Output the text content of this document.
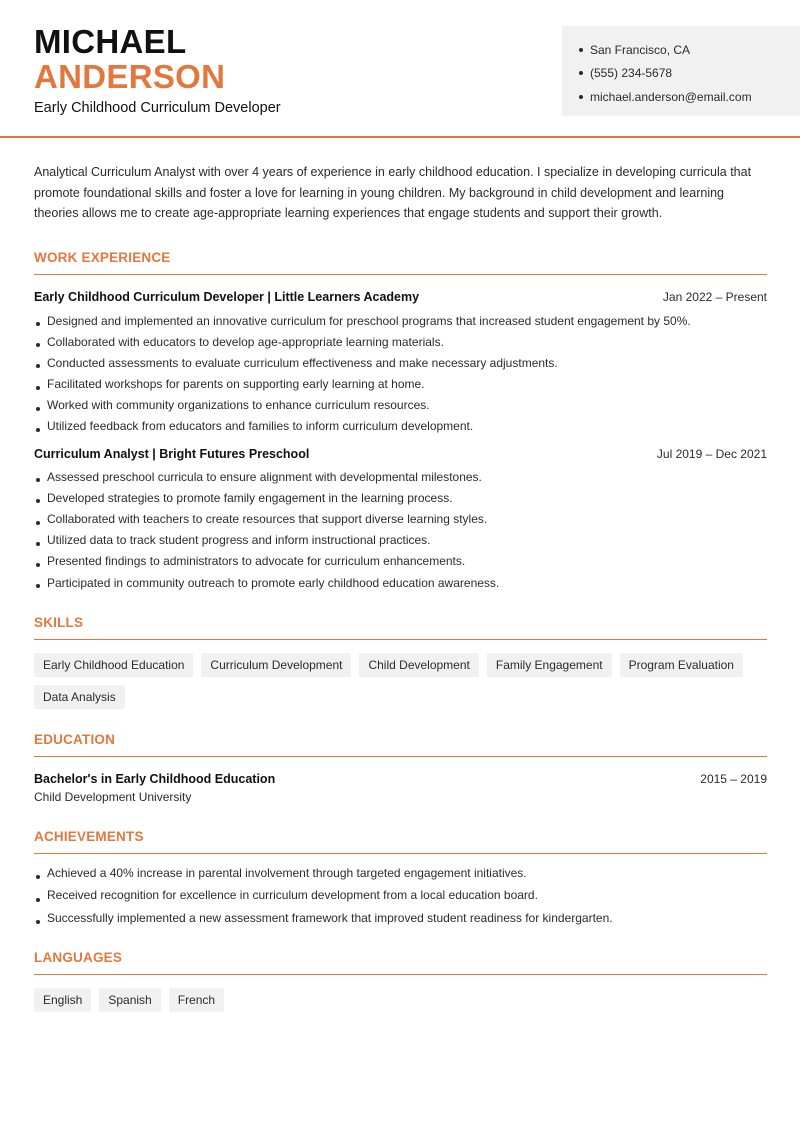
MICHAEL
ANDERSON
Early Childhood Curriculum Developer
San Francisco, CA
(555) 234-5678
michael.anderson@email.com

Analytical Curriculum Analyst with over 4 years of experience in early childhood education. I specialize in developing curricula that promote foundational skills and foster a love for learning in young children. My background in child development and learning theories allows me to create age-appropriate learning experiences that engage students and support their growth.

WORK EXPERIENCE
Early Childhood Curriculum Developer | Little Learners Academy	Jan 2022 – Present
Designed and implemented an innovative curriculum for preschool programs that increased student engagement by 50%.
Collaborated with educators to develop age-appropriate learning materials.
Conducted assessments to evaluate curriculum effectiveness and make necessary adjustments.
Facilitated workshops for parents on supporting early learning at home.
Worked with community organizations to enhance curriculum resources.
Utilized feedback from educators and families to inform curriculum development.
Curriculum Analyst | Bright Futures Preschool	Jul 2019 – Dec 2021
Assessed preschool curricula to ensure alignment with developmental milestones.
Developed strategies to promote family engagement in the learning process.
Collaborated with teachers to create resources that support diverse learning styles.
Utilized data to track student progress and inform instructional practices.
Presented findings to administrators to advocate for curriculum enhancements.
Participated in community outreach to promote early childhood education awareness.
SKILLS
Early Childhood Education	Curriculum Development	Child Development	Family Engagement	Program Evaluation
Data Analysis
EDUCATION
Bachelor's in Early Childhood Education	2015 – 2019
Child Development University
ACHIEVEMENTS
Achieved a 40% increase in parental involvement through targeted engagement initiatives.
Received recognition for excellence in curriculum development from a local education board.
Successfully implemented a new assessment framework that improved student readiness for kindergarten.
LANGUAGES
English	Spanish	French
